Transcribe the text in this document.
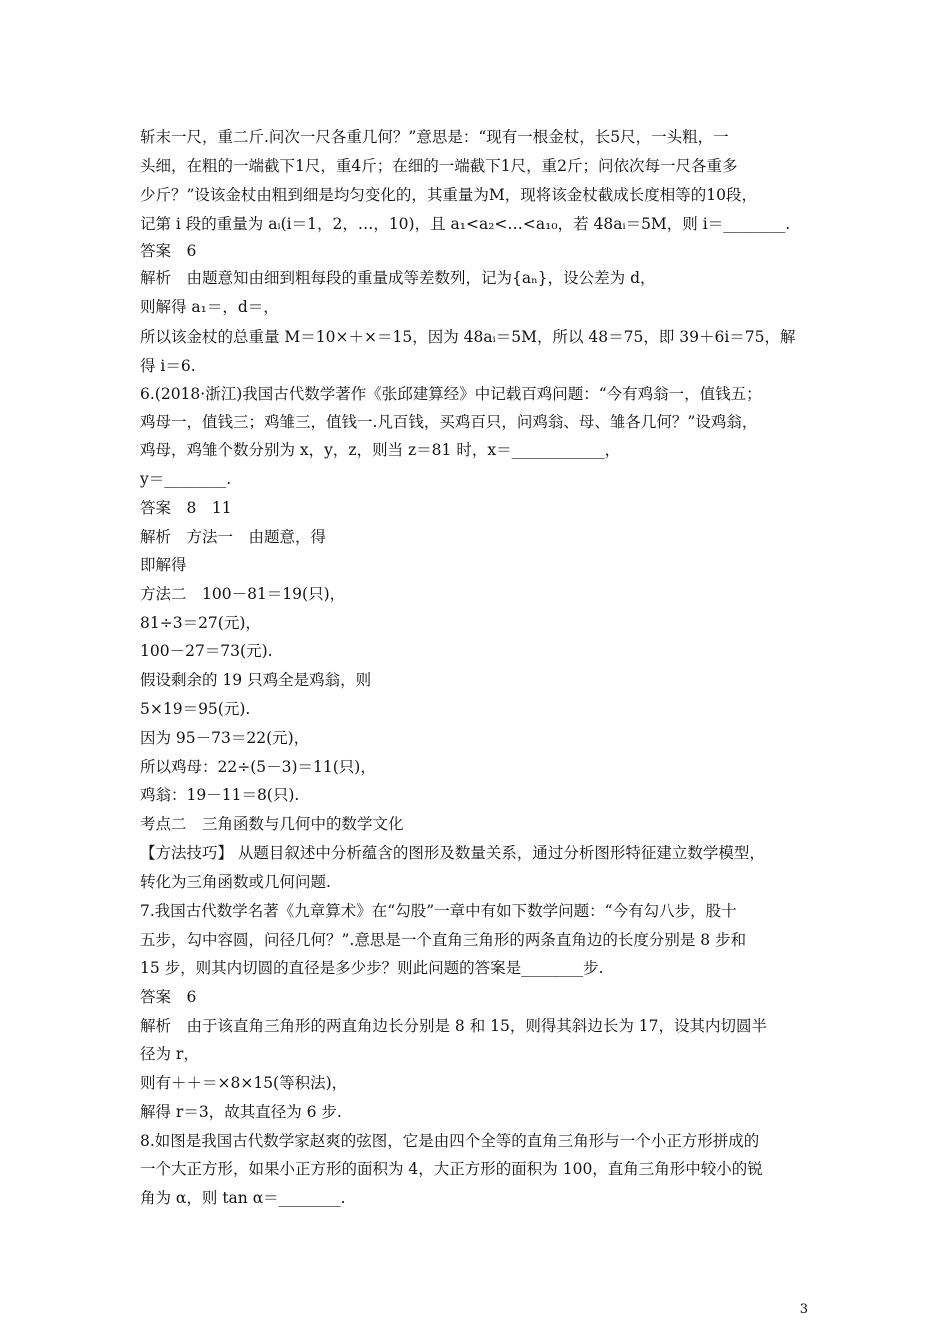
斩末一尺，重二斤.问次一尺各重几何？”意思是：“现有一根金杖，长5尺，一头粗，一
头细，在粗的一端截下1尺，重4斤；在细的一端截下1尺，重2斤；问依次每一尺各重多
少斤？”设该金杖由粗到细是均匀变化的，其重量为M，现将该金杖截成长度相等的10段，
记第 i 段的重量为 aᵢ(i＝1，2，…，10)，且 a₁<a₂<…<a₁₀，若 48aᵢ＝5M，则 i＝________.
答案　6
解析　由题意知由细到粗每段的重量成等差数列，记为{aₙ}，设公差为 d，
则解得 a₁＝，d＝，
所以该金杖的总重量 M＝10×＋×＝15，因为 48aᵢ＝5M，所以 48＝75，即 39＋6i＝75，解
得 i＝6.
6.(2018·浙江)我国古代数学著作《张邱建算经》中记载百鸡问题：“今有鸡翁一，值钱五；
鸡母一，值钱三；鸡雏三，值钱一.凡百钱，买鸡百只，问鸡翁、母、雏各几何？”设鸡翁，
鸡母，鸡雏个数分别为 x，y，z，则当 z＝81 时，x＝____________，
y＝________.
答案　8　11
解析　方法一　由题意，得
即解得
方法二　100－81＝19(只)，
81÷3＝27(元)，
100－27＝73(元).
假设剩余的 19 只鸡全是鸡翁，则
5×19＝95(元).
因为 95－73＝22(元)，
所以鸡母：22÷(5－3)＝11(只)，
鸡翁：19－11＝8(只).
考点二　三角函数与几何中的数学文化
【方法技巧】 从题目叙述中分析蕴含的图形及数量关系，通过分析图形特征建立数学模型，
转化为三角函数或几何问题.
7.我国古代数学名著《九章算术》在“勾股”一章中有如下数学问题：“今有勾八步，股十
五步，勾中容圆，问径几何？”.意思是一个直角三角形的两条直角边的长度分别是 8 步和
15 步，则其内切圆的直径是多少步？则此问题的答案是________步.
答案　6
解析　由于该直角三角形的两直角边长分别是 8 和 15，则得其斜边长为 17，设其内切圆半
径为 r，
则有＋＋＝×8×15(等积法)，
解得 r＝3，故其直径为 6 步.
8.如图是我国古代数学家赵爽的弦图，它是由四个全等的直角三角形与一个小正方形拼成的
一个大正方形，如果小正方形的面积为 4，大正方形的面积为 100，直角三角形中较小的锐
角为 α，则 tan α＝________.
3
